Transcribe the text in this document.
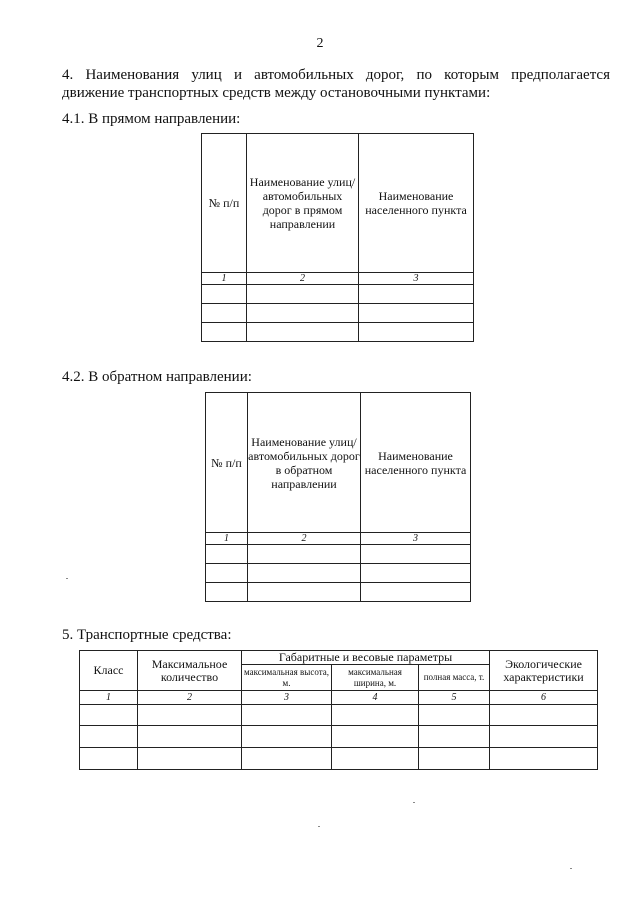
2
4. Наименования улиц и автомобильных дорог, по которым предполагается
движение транспортных средств между остановочными пунктами:
4.1. В прямом направлении:
№ п/п	Наименование улиц/ автомобильных дорог в прямом направлении	Наименование населенного пункта
1	2	3

4.2. В обратном направлении:
№ п/п	Наименование улиц/ автомобильных дорог в обратном направлении	Наименование населенного пункта
1	2	3

5. Транспортные средства:
Класс	Максимальное количество	Габаритные и весовые параметры			Экологические характеристики
		максимальная высота, м.	максимальная ширина, м.	полная масса, т.	
1	2	3	4	5	6
